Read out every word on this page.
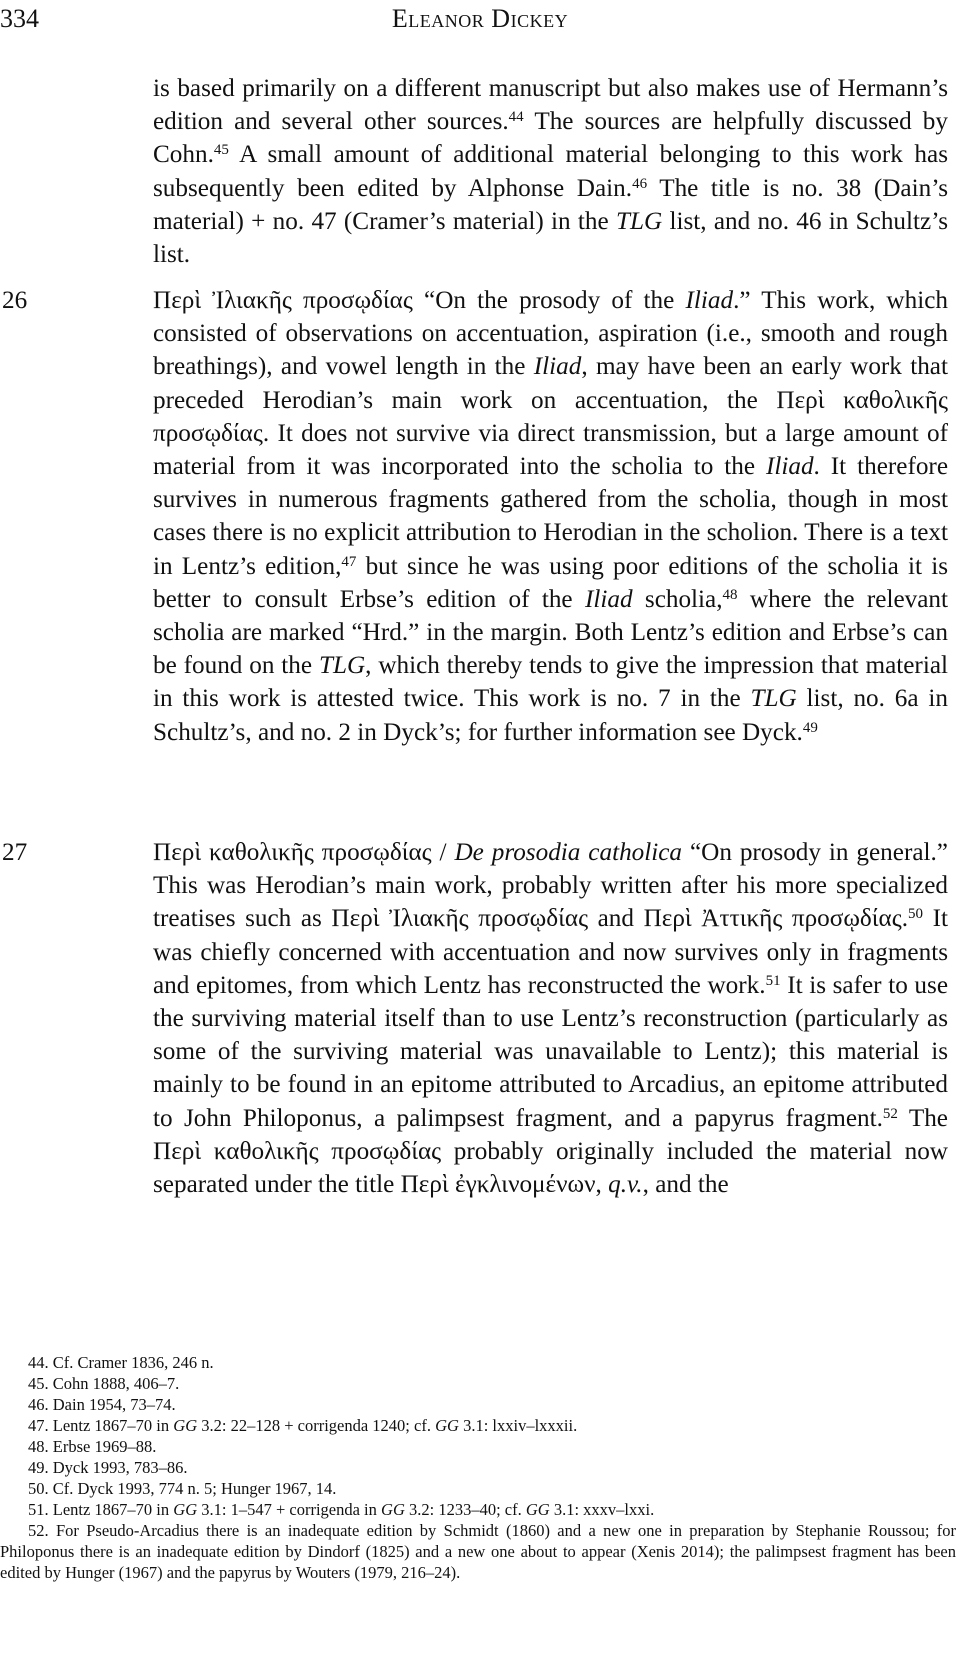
334	Eleanor Dickey
is based primarily on a different manuscript but also makes use of Hermann’s edition and several other sources.$^{44}$ The sources are helpfully discussed by Cohn.$^{45}$ A small amount of additional material belonging to this work has subsequently been edited by Alphonse Dain.$^{46}$ The title is no. 38 (Dain’s material) + no. 47 (Cramer’s material) in the TLG list, and no. 46 in Schultz’s list.
26	Περὶ Ἰλιακῆς προσῳδίας “On the prosody of the Iliad.” This work, which consisted of observations on accentuation, aspiration (i.e., smooth and rough breathings), and vowel length in the Iliad, may have been an early work that preceded Herodian’s main work on accentuation, the Περὶ καθολικῆς προσῳδίας. It does not survive via direct transmission, but a large amount of material from it was incorporated into the scholia to the Iliad. It therefore survives in numerous fragments gathered from the scholia, though in most cases there is no explicit attribution to Herodian in the scholion. There is a text in Lentz’s edition,$^{47}$ but since he was using poor editions of the scholia it is better to consult Erbse’s edition of the Iliad scholia,$^{48}$ where the relevant scholia are marked “Hrd.” in the margin. Both Lentz’s edition and Erbse’s can be found on the TLG, which thereby tends to give the impression that material in this work is attested twice. This work is no. 7 in the TLG list, no. 6a in Schultz’s, and no. 2 in Dyck’s; for further information see Dyck.$^{49}$
27	Περὶ καθολικῆς προσῳδίας / De prosodia catholica “On prosody in general.” This was Herodian’s main work, probably written after his more specialized treatises such as Περὶ Ἰλιακῆς προσῳδίας and Περὶ Ἀττικῆς προσῳδίας.$^{50}$ It was chiefly concerned with accentuation and now survives only in fragments and epitomes, from which Lentz has reconstructed the work.$^{51}$ It is safer to use the surviving material itself than to use Lentz’s reconstruction (particularly as some of the surviving material was unavailable to Lentz); this material is mainly to be found in an epitome attributed to Arcadius, an epitome attributed to John Philoponus, a palimpsest fragment, and a papyrus fragment.$^{52}$ The Περὶ καθολικῆς προσῳδίας probably originally included the material now separated under the title Περὶ ἐγκλινομένων, q.v., and the
44. Cf. Cramer 1836, 246 n.
45. Cohn 1888, 406–7.
46. Dain 1954, 73–74.
47. Lentz 1867–70 in GG 3.2: 22–128 + corrigenda 1240; cf. GG 3.1: lxxiv–lxxxii.
48. Erbse 1969–88.
49. Dyck 1993, 783–86.
50. Cf. Dyck 1993, 774 n. 5; Hunger 1967, 14.
51. Lentz 1867–70 in GG 3.1: 1–547 + corrigenda in GG 3.2: 1233–40; cf. GG 3.1: xxxv–lxxi.
52. For Pseudo-Arcadius there is an inadequate edition by Schmidt (1860) and a new one in preparation by Stephanie Roussou; for Philoponus there is an inadequate edition by Dindorf (1825) and a new one about to appear (Xenis 2014); the palimpsest fragment has been edited by Hunger (1967) and the papyrus by Wouters (1979, 216–24).
